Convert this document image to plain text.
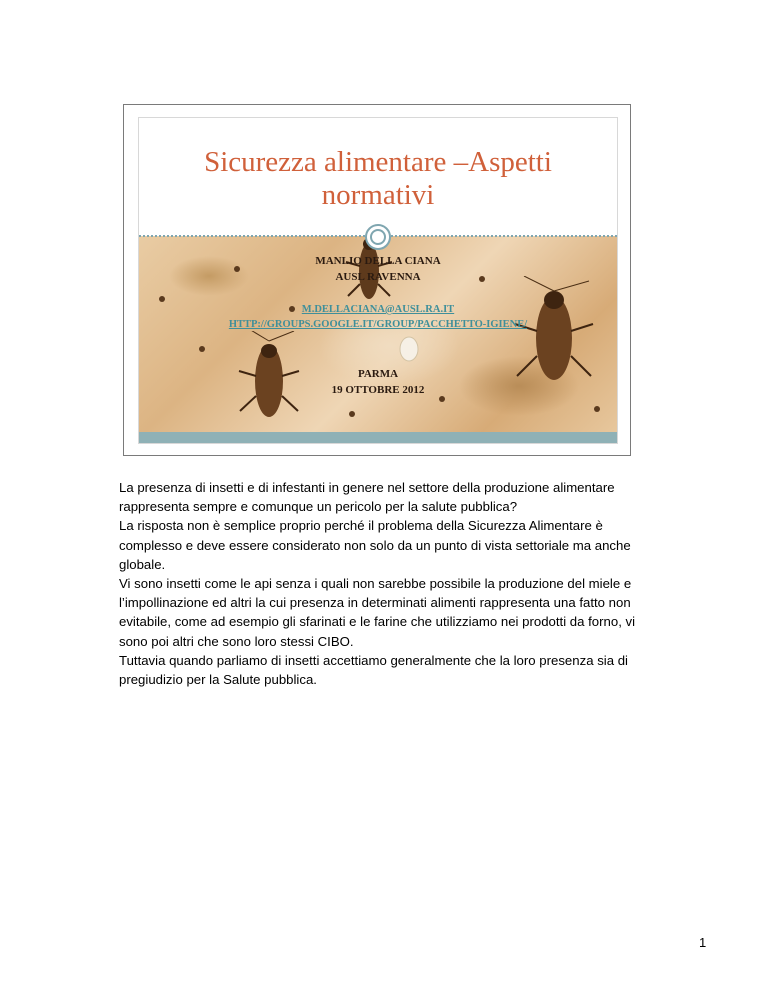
Sicurezza alimentare –Aspetti
normativi
MANLIO DELLA CIANA
AUSL RAVENNA
M.DELLACIANA@AUSL.RA.IT
HTTP://GROUPS.GOOGLE.IT/GROUP/PACCHETTO-IGIENE/
PARMA
19 OTTOBRE 2012

La presenza di insetti e di infestanti in genere nel settore della produzione alimentare rappresenta sempre e comunque un pericolo per la salute pubblica?

La risposta non è semplice proprio perché il problema della Sicurezza Alimentare è complesso e deve essere considerato non solo da un punto di vista settoriale ma anche globale.

Vi sono insetti come le api senza i quali non sarebbe possibile la produzione del miele e l’impollinazione ed altri la cui presenza in determinati alimenti rappresenta una fatto non evitabile, come ad esempio gli sfarinati e le farine che utilizziamo nei prodotti da forno, vi sono poi altri che sono loro stessi CIBO.

Tuttavia quando parliamo di insetti accettiamo generalmente che la loro presenza sia di pregiudizio per la Salute pubblica.

1
